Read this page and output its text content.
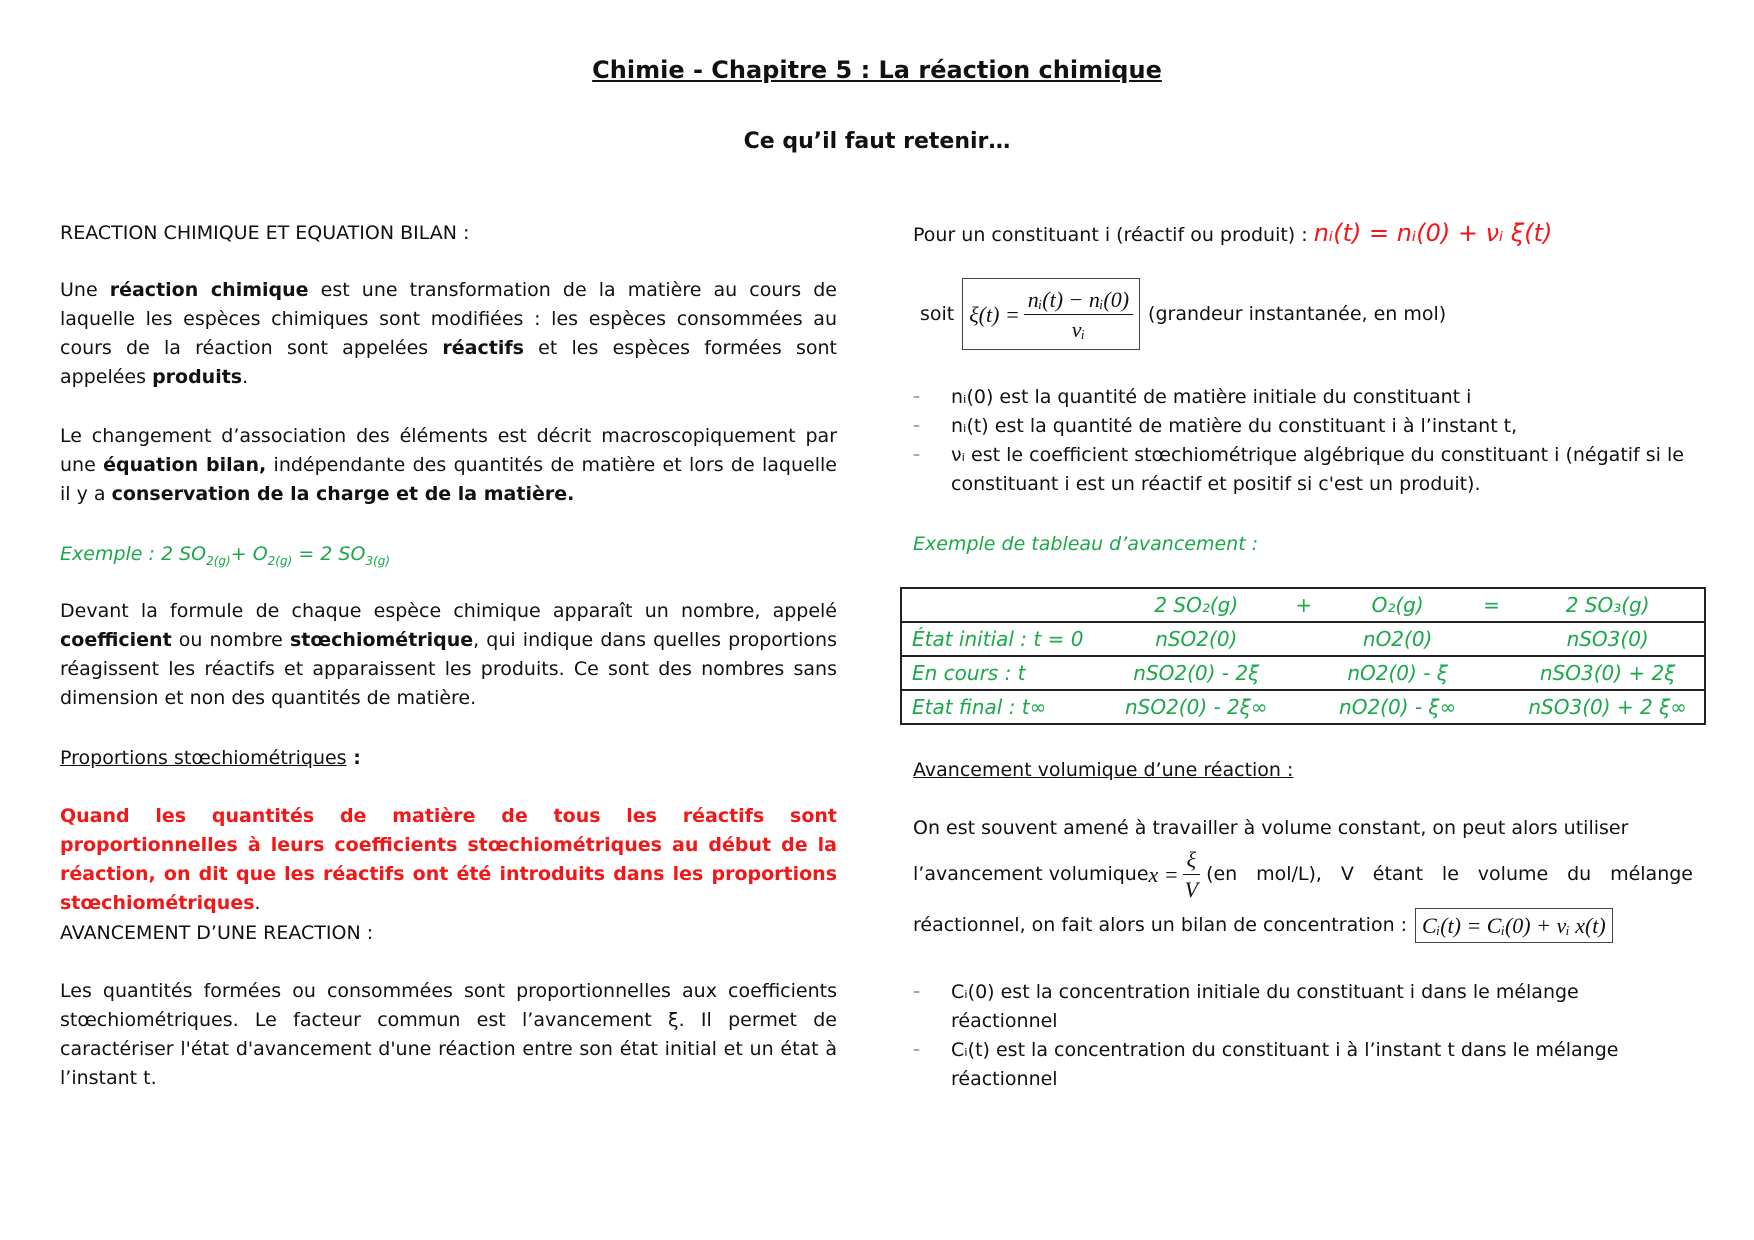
Chimie - Chapitre 5 : La réaction chimique
Ce qu’il faut retenir…
REACTION CHIMIQUE ET EQUATION BILAN :
Une réaction chimique est une transformation de la matière au cours de laquelle les espèces chimiques sont modifiées : les espèces consommées au cours de la réaction sont appelées réactifs et les espèces formées sont appelées produits.
Le changement d’association des éléments est décrit macroscopiquement par une équation bilan, indépendante des quantités de matière et lors de laquelle il y a conservation de la charge et de la matière.
Exemple : 2 $SO_{2(g)}+ O_{2(g)} = 2$ $SO_{3(g)}$
Devant la formule de chaque espèce chimique apparaît un nombre, appelé coefficient ou nombre stœchiométrique, qui indique dans quelles proportions réagissent les réactifs et apparaissent les produits. Ce sont des nombres sans dimension et non des quantités de matière.
Proportions stœchiométriques :
Quand les quantités de matière de tous les réactifs sont proportionnelles à leurs coefficients stœchiométriques au début de la réaction, on dit que les réactifs ont été introduits dans les proportions stœchiométriques.
AVANCEMENT D’UNE REACTION :
Les quantités formées ou consommées sont proportionnelles aux coefficients stœchiométriques. Le facteur commun est l’avancement ξ. Il permet de caractériser l'état d'avancement d'une réaction entre son état initial et un état à l’instant t.
Pour un constituant i (réactif ou produit) : nᵢ(t) = nᵢ(0) + νᵢ ξ(t)
soit $\xi(t) = \frac{\text{nᵢ(t) − nᵢ(0)}}{\text{νᵢ}}$ (grandeur instantanée, en mol)
– nᵢ(0) est la quantité de matière initiale du constituant i
– nᵢ(t) est la quantité de matière du constituant i à l’instant t,
– νᵢ est le coefficient stœchiométrique algébrique du constituant i (négatif si le constituant i est un réactif et positif si c'est un produit).
Exemple de tableau d’avancement :
	2 SO₂(g)	+	O₂(g)	=	2 SO₃(g)
État initial : t = 0	nSO2(0)		nO2(0)		nSO3(0)
En cours : t	nSO2(0) - 2ξ		nO2(0) - ξ		nSO3(0) + 2ξ
Etat final : t∞	nSO2(0) - 2ξ∞		nO2(0) - ξ∞		nSO3(0) + 2 ξ∞
Avancement volumique d’une réaction :
On est souvent amené à travailler à volume constant, on peut alors utiliser
l’avancement volumique $x = \frac{\xi}{V} (en$ mol/L), V étant le volume du mélange
réactionnel, on fait alors un bilan de concentration : Cᵢ(t) = Cᵢ(0) + νᵢ x(t)
– Cᵢ(0) est la concentration initiale du constituant i dans le mélange réactionnel
– Cᵢ(t) est la concentration du constituant i à l’instant t dans le mélange réactionnel
